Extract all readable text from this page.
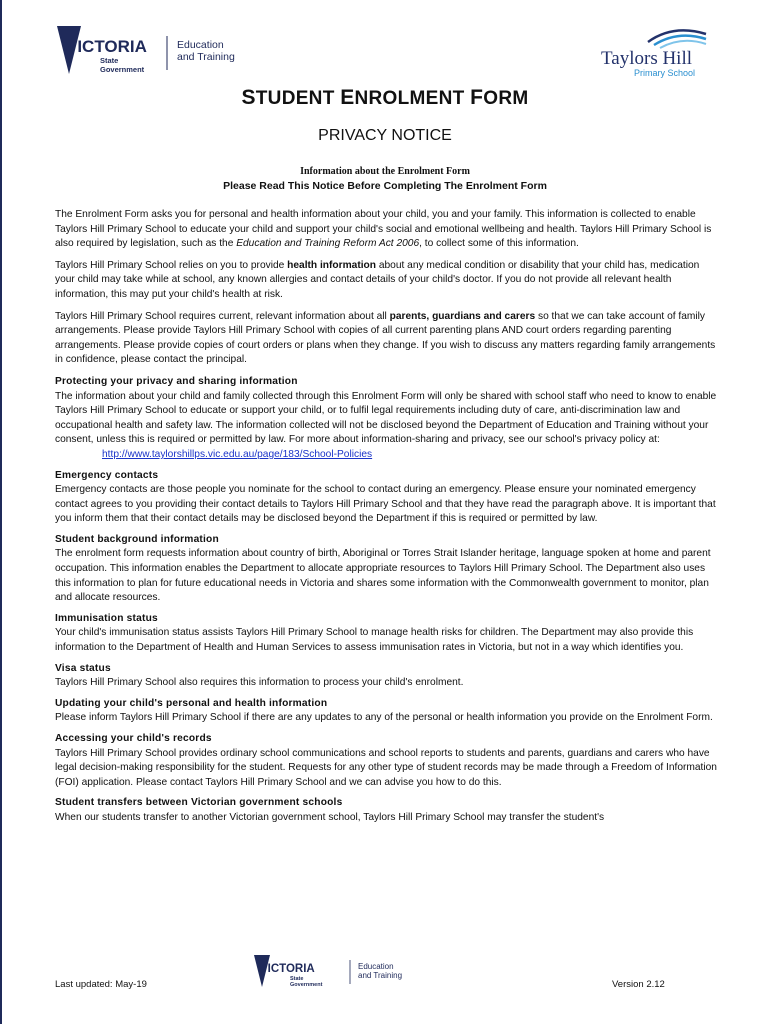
VICTORIA
State
Government
Education
and Training	Taylors Hill
Primary School
STUDENT ENROLMENT FORM
PRIVACY NOTICE
Information about the Enrolment Form
Please Read This Notice Before Completing The Enrolment Form

The Enrolment Form asks you for personal and health information about your child, you and your family. This information is collected to enable Taylors Hill Primary School to educate your child and support your child's social and emotional wellbeing and health. Taylors Hill Primary School is also required by legislation, such as the Education and Training Reform Act 2006, to collect some of this information.

Taylors Hill Primary School relies on you to provide health information about any medical condition or disability that your child has, medication your child may take while at school, any known allergies and contact details of your child's doctor. If you do not provide all relevant health information, this may put your child's health at risk.

Taylors Hill Primary School requires current, relevant information about all parents, guardians and carers so that we can take account of family arrangements. Please provide Taylors Hill Primary School with copies of all current parenting plans AND court orders regarding parenting arrangements. Please provide copies of court orders or plans when they change. If you wish to discuss any matters regarding family arrangements in confidence, please contact the principal.

Protecting your privacy and sharing information
The information about your child and family collected through this Enrolment Form will only be shared with school staff who need to know to enable Taylors Hill Primary School to educate or support your child, or to fulfil legal requirements including duty of care, anti-discrimination law and occupational health and safety law. The information collected will not be disclosed beyond the Department of Education and Training without your consent, unless this is required or permitted by law. For more about information-sharing and privacy, see our school's privacy policy at:
http://www.taylorshillps.vic.edu.au/page/183/School-Policies
Emergency contacts
Emergency contacts are those people you nominate for the school to contact during an emergency. Please ensure your nominated emergency contact agrees to you providing their contact details to Taylors Hill Primary School and that they have read the paragraph above. It is important that you inform them that their contact details may be disclosed beyond the Department if this is required or permitted by law.
Student background information
The enrolment form requests information about country of birth, Aboriginal or Torres Strait Islander heritage, language spoken at home and parent occupation. This information enables the Department to allocate appropriate resources to Taylors Hill Primary School. The Department also uses this information to plan for future educational needs in Victoria and shares some information with the Commonwealth government to monitor, plan and allocate resources.
Immunisation status
Your child's immunisation status assists Taylors Hill Primary School to manage health risks for children. The Department may also provide this information to the Department of Health and Human Services to assess immunisation rates in Victoria, but not in a way which identifies you.
Visa status
Taylors Hill Primary School also requires this information to process your child's enrolment.
Updating your child's personal and health information
Please inform Taylors Hill Primary School if there are any updates to any of the personal or health information you provide on the Enrolment Form.
Accessing your child's records
Taylors Hill Primary School provides ordinary school communications and school reports to students and parents, guardians and carers who have legal decision-making responsibility for the student. Requests for any other type of student records may be made through a Freedom of Information (FOI) application. Please contact Taylors Hill Primary School and we can advise you how to do this.
Student transfers between Victorian government schools
When our students transfer to another Victorian government school, Taylors Hill Primary School may transfer the student's
Last updated: May-19
VICTORIA
State
Government
Education
and Training
Version 2.12
